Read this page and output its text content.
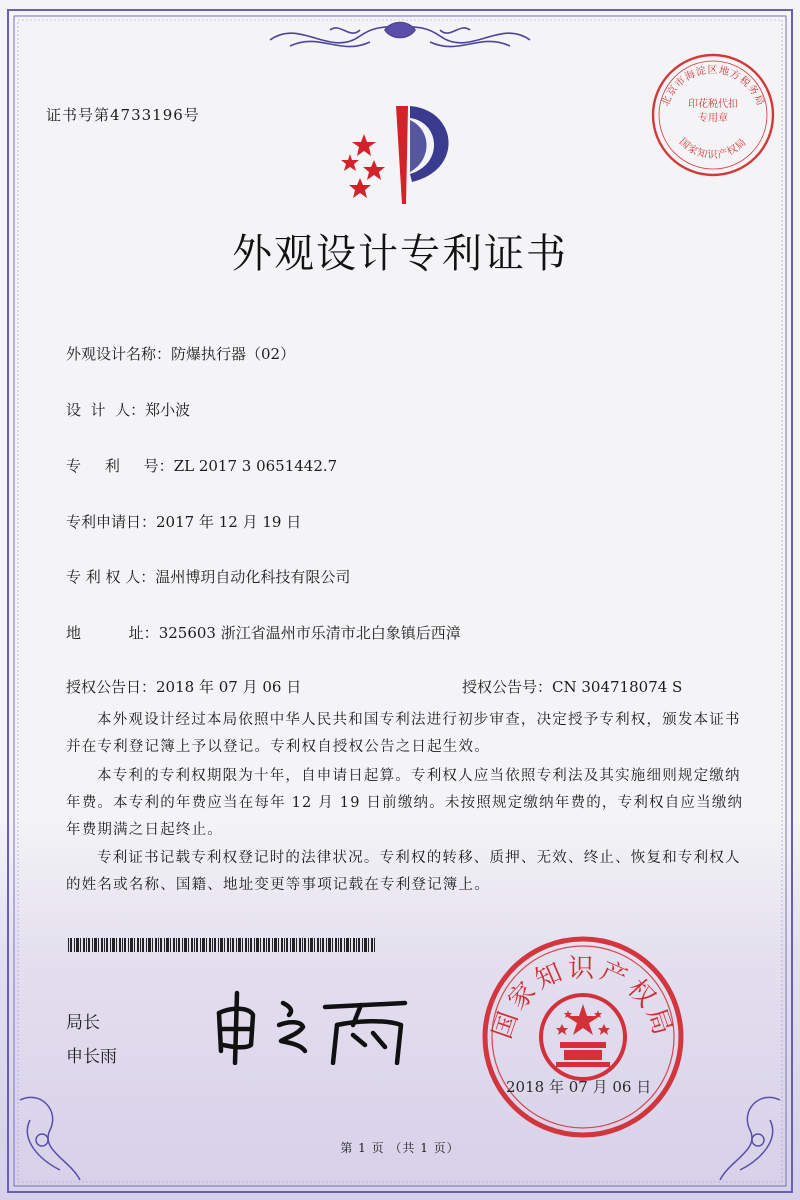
证书号第4733196号
外观设计专利证书
外观设计名称：防爆执行器（02）
设  计  人：郑小波
专     利     号：ZL 2017 3 0651442.7
专利申请日：2017 年 12 月 19 日
专 利 权 人：温州博玥自动化科技有限公司
地          址：325603 浙江省温州市乐清市北白象镇后西漳
授权公告日：2018 年 07 月 06 日	授权公告号：CN 304718074 S

本外观设计经过本局依照中华人民共和国专利法进行初步审查，决定授予专利权，颁发本证书并在专利登记簿上予以登记。专利权自授权公告之日起生效。

本专利的专利权期限为十年，自申请日起算。专利权人应当依照专利法及其实施细则规定缴纳年费。本专利的年费应当在每年 12 月 19 日前缴纳。未按照规定缴纳年费的，专利权自应当缴纳年费期满之日起终止。

专利证书记载专利权登记时的法律状况。专利权的转移、质押、无效、终止、恢复和专利权人的姓名或名称、国籍、地址变更等事项记载在专利登记簿上。

局长
申长雨
国家知识产权局
2018 年 07 月 06 日
北京市海淀区地方税务局
印花税代扣专用章
国家知识产权局
第 1 页 （共 1 页）
